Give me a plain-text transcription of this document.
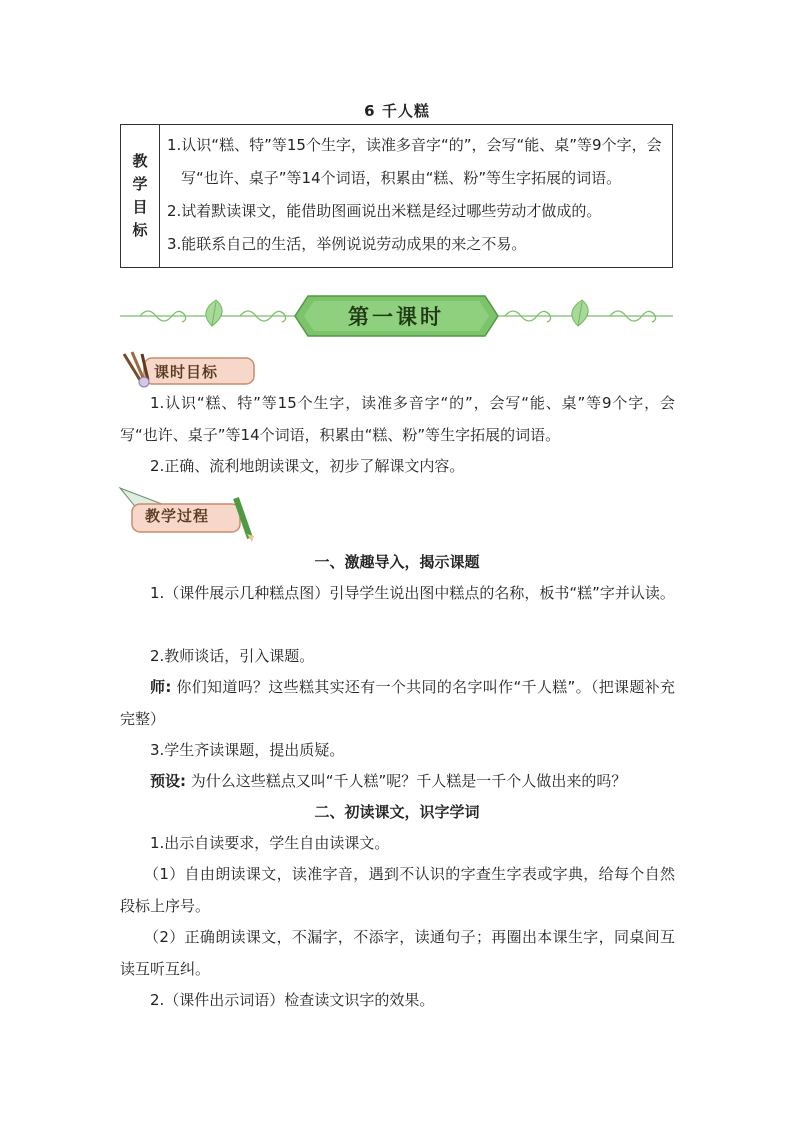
6 千人糕
教
学
目
标

1.认识“糕、特”等15个生字，读准多音字“的”，会写“能、桌”等9个字，会写“也许、桌子”等14个词语，积累由“糕、粉”等生字拓展的词语。
2.试着默读课文，能借助图画说出米糕是经过哪些劳动才做成的。
3.能联系自己的生活，举例说说劳动成果的来之不易。
第一课时
课时目标
1.认识“糕、特”等15个生字，读准多音字“的”，会写“能、桌”等9个字，会写“也许、桌子”等14个词语，积累由“糕、粉”等生字拓展的词语。
2.正确、流利地朗读课文，初步了解课文内容。
教学过程
一、激趣导入，揭示课题
1.（课件展示几种糕点图）引导学生说出图中糕点的名称，板书“糕”字并认读。
2.教师谈话，引入课题。
师: 你们知道吗？这些糕其实还有一个共同的名字叫作“千人糕”。（把课题补充完整）
3.学生齐读课题，提出质疑。
预设: 为什么这些糕点又叫“千人糕”呢？千人糕是一千个人做出来的吗？
二、初读课文，识字学词
1.出示自读要求，学生自由读课文。
（1）自由朗读课文，读准字音，遇到不认识的字查生字表或字典，给每个自然段标上序号。
（2）正确朗读课文，不漏字，不添字，读通句子；再圈出本课生字，同桌间互读互听互纠。
2.（课件出示词语）检查读文识字的效果。
